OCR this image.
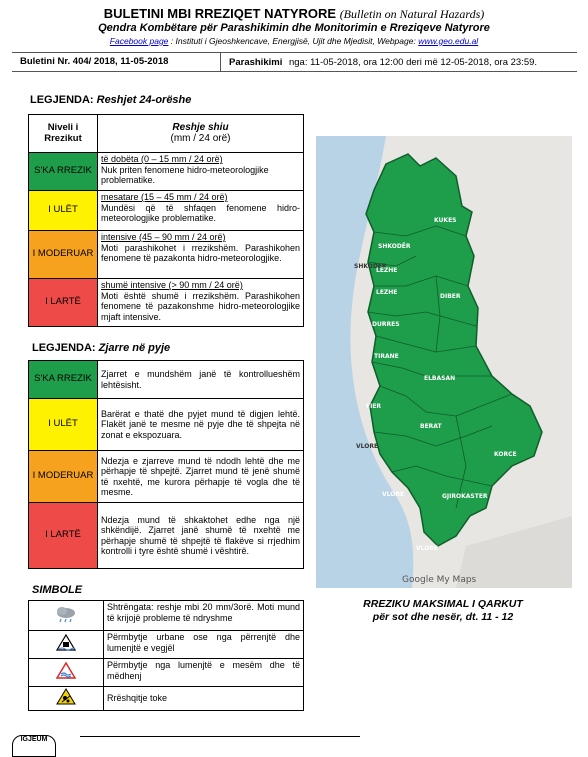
BULETINI MBI RREZIQET NATYRORE (Bulletin on Natural Hazards)
Qendra Kombëtare për Parashikimin dhe Monitorimin e Rreziqeve Natyrore
Facebook page : Instituti i Gjeoshkencave, Energjisë, Ujit dhe Mjedisit, Webpage: www.geo.edu.al
Buletini Nr. 404/ 2018, 11-05-2018	Parashikimi nga: 11-05-2018, ora 12:00 deri më 12-05-2018, ora 23:59.
LEGJENDA: Reshjet 24-orëshe
Niveli i Rrezikut	Reshje shiu
(mm / 24 orë)

S'KA RREZIK	të dobëta (0 – 15 mm / 24 orë)
Nuk priten fenomene hidro-meteorologjike problematike.
I ULËT	mesatare (15 – 45 mm / 24 orë)
Mundësi që të shfaqen fenomene hidro-meteorologjike problematike.
I MODERUAR	intensive (45 – 90 mm / 24 orë)
Moti parashikohet i rrezikshëm. Parashikohen fenomene të pazakonta hidro-meteorologjike.
I LARTË	shumë intensive (> 90 mm / 24 orë)
Moti është shumë i rrezikshëm. Parashikohen fenomene të pazakonshme hidro-meteorologjike mjaft intensive.
LEGJENDA: Zjarre në pyje
S'KA RREZIK	Zjarret e mundshëm janë të kontrollueshëm lehtësisht.
I ULËT	Barërat e thatë dhe pyjet mund të digjen lehtë. Flakët janë te mesme në pyje dhe të shpejta në zonat e ekspozuara.
I MODERUAR	Ndezja e zjarreve mund të ndodh lehtë dhe me përhapje të shpejtë. Zjarret mund të jenë shumë të nxehtë, me kurora përhapje të vogla dhe të mesme.
I LARTË	Ndezja mund të shkaktohet edhe nga një shkëndijë. Zjarret janë shumë të nxehtë me përhapje shumë të shpejtë të flakëve si rrjedhim kontrolli i tyre është shumë i vështirë.
SIMBOLE
	Shtrëngata: reshje mbi 20 mm/3orë. Moti mund të krijojë probleme të ndryshme
	Përmbytje urbane ose nga përrenjtë dhe lumenjtë e vegjël
	Përmbytje nga lumenjtë e mesëm dhe të mëdhenj
	Rrëshqitje toke
SHKODËR
KUKES
SHKODER
LEZHE
LEZHE
DIBER
DURRES
TIRANE
ELBASAN
FIER
BERAT
KORCE
VLORE
VLORE	GJIROKASTER
VLORE
Google My Maps
RREZIKU MAKSIMAL I QARKUT
për sot dhe nesër, dt. 11 - 12
IGJEUM
